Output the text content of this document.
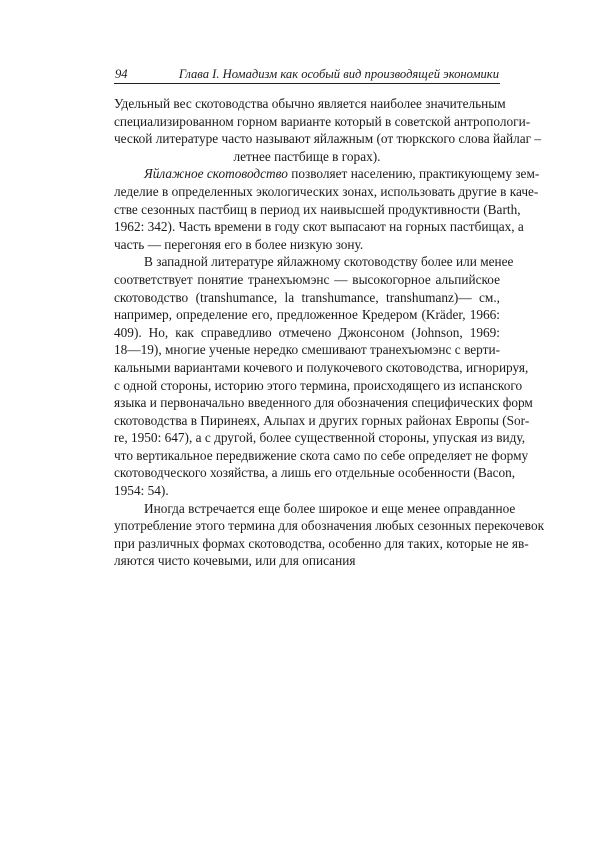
94	Глава I. Номадизм как особый вид производящей экономики
Удельный вес скотоводства обычно является наиболее значительным
специализированном горном варианте который в советской антропологи-
ческой литературе часто называют яйлажным (от тюркского слова йайлаг –
летнее пастбище в горах).
Яйлажное скотоводство позволяет населению, практикующему зем-
леделие в определенных экологических зонах, использовать другие в каче-
стве сезонных пастбищ в период их наивысшей продуктивности (Barth,
1962: 342). Часть времени в году скот выпасают на горных пастбищах, а
часть — перегоняя его в более низкую зону.
В западной литературе яйлажному скотоводству более или менее
соответствует понятие транехъюмэнс — высокогорное альпийское
скотоводство (transhumance, la transhumance, transhumanz)— см.,
например, определение его, предложенное Кредером (Kräder, 1966:
409). Но, как справедливо отмечено Джонсоном (Johnson, 1969:
18—19), многие ученые нередко смешивают транехъюмэнс с верти-
кальными вариантами кочевого и полукочевого скотоводства, игнорируя,
с одной стороны, историю этого термина, происходящего из испанского
языка и первоначально введенного для обозначения специфических форм
скотоводства в Пиринеях, Альпах и других горных районах Европы (Sor-
re, 1950: 647), а с другой, более существенной стороны, упуская из виду,
что вертикальное передвижение скота само по себе определяет не форму
скотоводческого хозяйства, а лишь его отдельные особенности (Bacon,
1954: 54).
Иногда встречается еще более широкое и еще менее оправданное
употребление этого термина для обозначения любых сезонных перекочевок
при различных формах скотоводства, особенно для таких, которые не яв-
ляются чисто кочевыми, или для описания
